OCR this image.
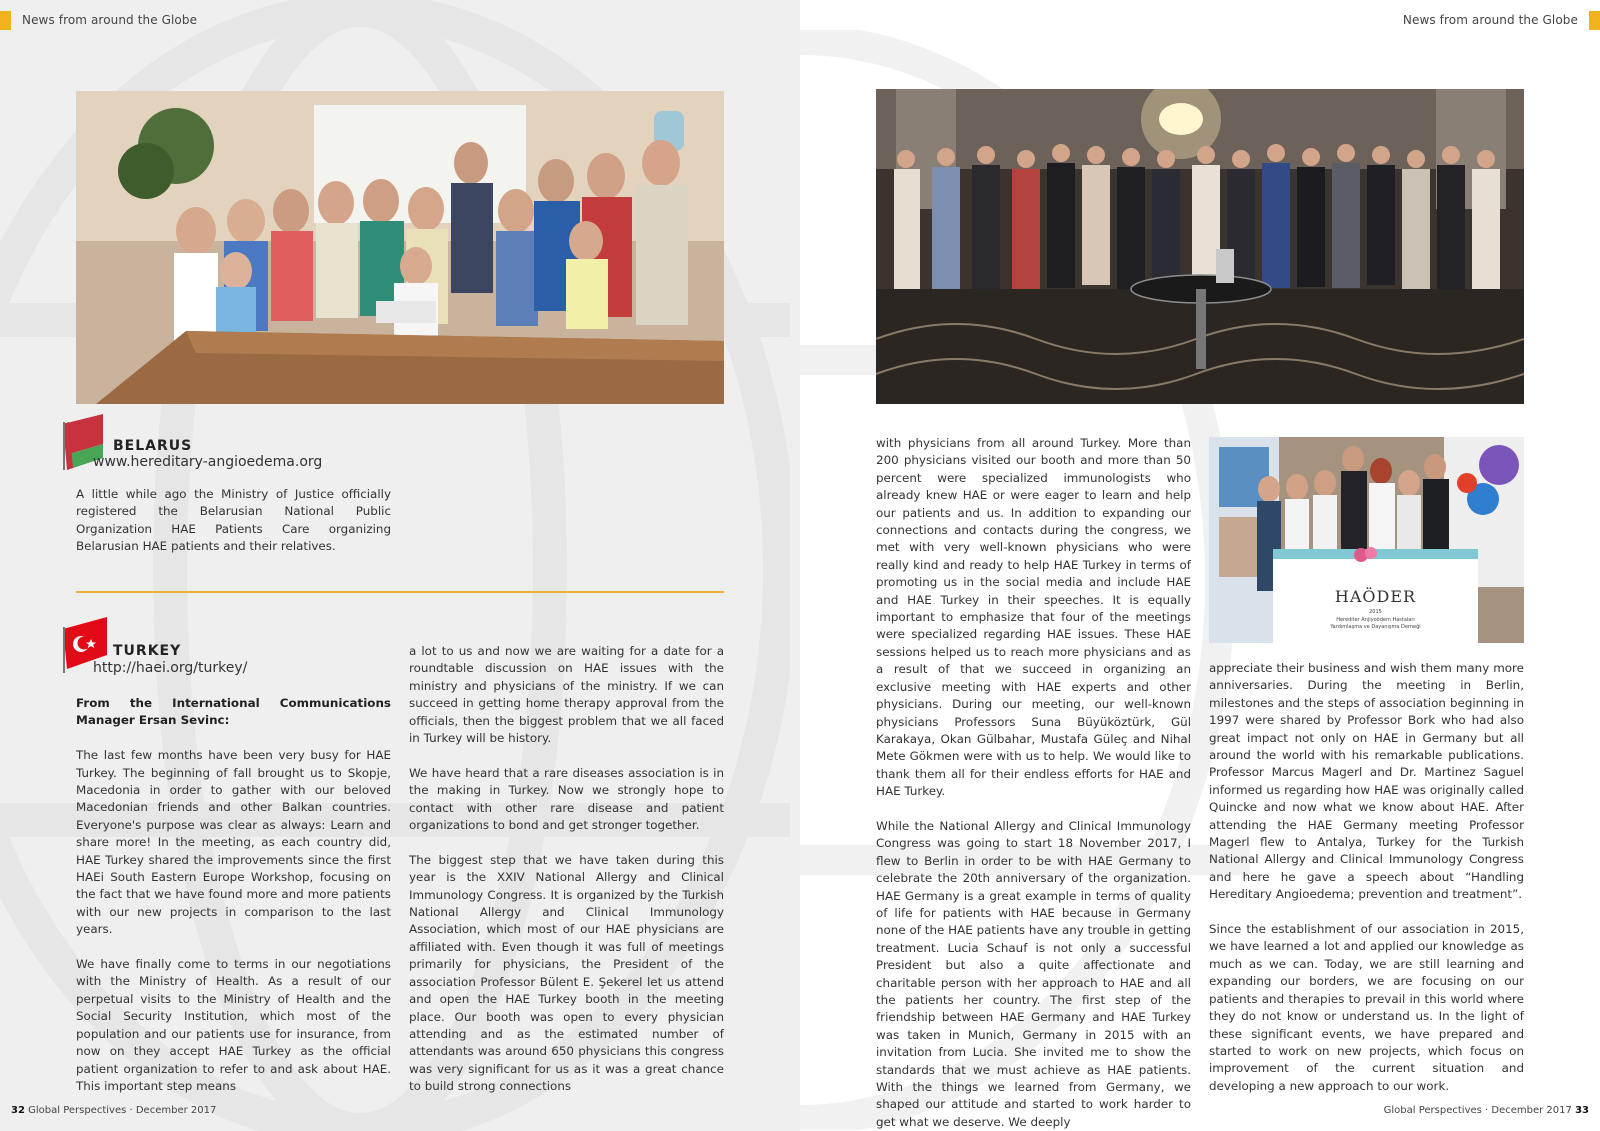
News from around the Globe
BELARUS
www.hereditary-angioedema.org

A little while ago the Ministry of Justice officially registered the Belarusian National Public Organization HAE Patients Care organizing Belarusian HAE patients and their relatives.

TURKEY
http://haei.org/turkey/

From the International Communications Manager Ersan Sevinc:

The last few months have been very busy for HAE Turkey. The beginning of fall brought us to Skopje, Macedonia in order to gather with our beloved Macedonian friends and other Balkan countries. Everyone's purpose was clear as always: Learn and share more! In the meeting, as each country did, HAE Turkey shared the improvements since the first HAEi South Eastern Europe Workshop, focusing on the fact that we have found more and more patients with our new projects in comparison to the last years.

We have finally come to terms in our negotiations with the Ministry of Health. As a result of our perpetual visits to the Ministry of Health and the Social Security Institution, which most of the population and our patients use for insurance, from now on they accept HAE Turkey as the official patient organization to refer to and ask about HAE. This important step means

a lot to us and now we are waiting for a date for a roundtable discussion on HAE issues with the ministry and physicians of the ministry. If we can succeed in getting home therapy approval from the officials, then the biggest problem that we all faced in Turkey will be history.

We have heard that a rare diseases association is in the making in Turkey. Now we strongly hope to contact with other rare disease and patient organizations to bond and get stronger together.

The biggest step that we have taken during this year is the XXIV National Allergy and Clinical Immunology Congress. It is organized by the Turkish National Allergy and Clinical Immunology Association, which most of our HAE physicians are affiliated with. Even though it was full of meetings primarily for physicians, the President of the association Professor Bülent E. Şekerel let us attend and open the HAE Turkey booth in the meeting place. Our booth was open to every physician attending and as the estimated number of attendants was around 650 physicians this congress was very significant for us as it was a great chance to build strong connections

32 Global Perspectives · December 2017
News from around the Globe

with physicians from all around Turkey. More than 200 physicians visited our booth and more than 50 percent were specialized immunologists who already knew HAE or were eager to learn and help our patients and us. In addition to expanding our connections and contacts during the congress, we met with very well-known physicians who were really kind and ready to help HAE Turkey in terms of promoting us in the social media and include HAE and HAE Turkey in their speeches. It is equally important to emphasize that four of the meetings were specialized regarding HAE issues. These HAE sessions helped us to reach more physicians and as a result of that we succeed in organizing an exclusive meeting with HAE experts and other physicians. During our meeting, our well-known physicians Professors Suna Büyüköztürk, Gül Karakaya, Okan Gülbahar, Mustafa Güleç and Nihal Mete Gökmen were with us to help. We would like to thank them all for their endless efforts for HAE and HAE Turkey.

While the National Allergy and Clinical Immunology Congress was going to start 18 November 2017, I flew to Berlin in order to be with HAE Germany to celebrate the 20th anniversary of the organization. HAE Germany is a great example in terms of quality of life for patients with HAE because in Germany none of the HAE patients have any trouble in getting treatment. Lucia Schauf is not only a successful President but also a quite affectionate and charitable person with her approach to HAE and all the patients her country. The first step of the friendship between HAE Germany and HAE Turkey was taken in Munich, Germany in 2015 with an invitation from Lucia. She invited me to show the standards that we must achieve as HAE patients. With the things we learned from Germany, we shaped our attitude and started to work harder to get what we deserve. We deeply

HAÖDER
2015
Herediter Anjiyoödem Hastaları
Yardımlaşma ve Dayanışma Derneği

appreciate their business and wish them many more anniversaries. During the meeting in Berlin, milestones and the steps of association beginning in 1997 were shared by Professor Bork who had also great impact not only on HAE in Germany but all around the world with his remarkable publications. Professor Marcus Magerl and Dr. Martinez Saguel informed us regarding how HAE was originally called Quincke and now what we know about HAE. After attending the HAE Germany meeting Professor Magerl flew to Antalya, Turkey for the Turkish National Allergy and Clinical Immunology Congress and here he gave a speech about “Handling Hereditary Angioedema; prevention and treatment”.

Since the establishment of our association in 2015, we have learned a lot and applied our knowledge as much as we can. Today, we are still learning and expanding our borders, we are focusing on our patients and therapies to prevail in this world where they do not know or understand us. In the light of these significant events, we have prepared and started to work on new projects, which focus on improvement of the current situation and developing a new approach to our work.

Global Perspectives · December 2017 33
